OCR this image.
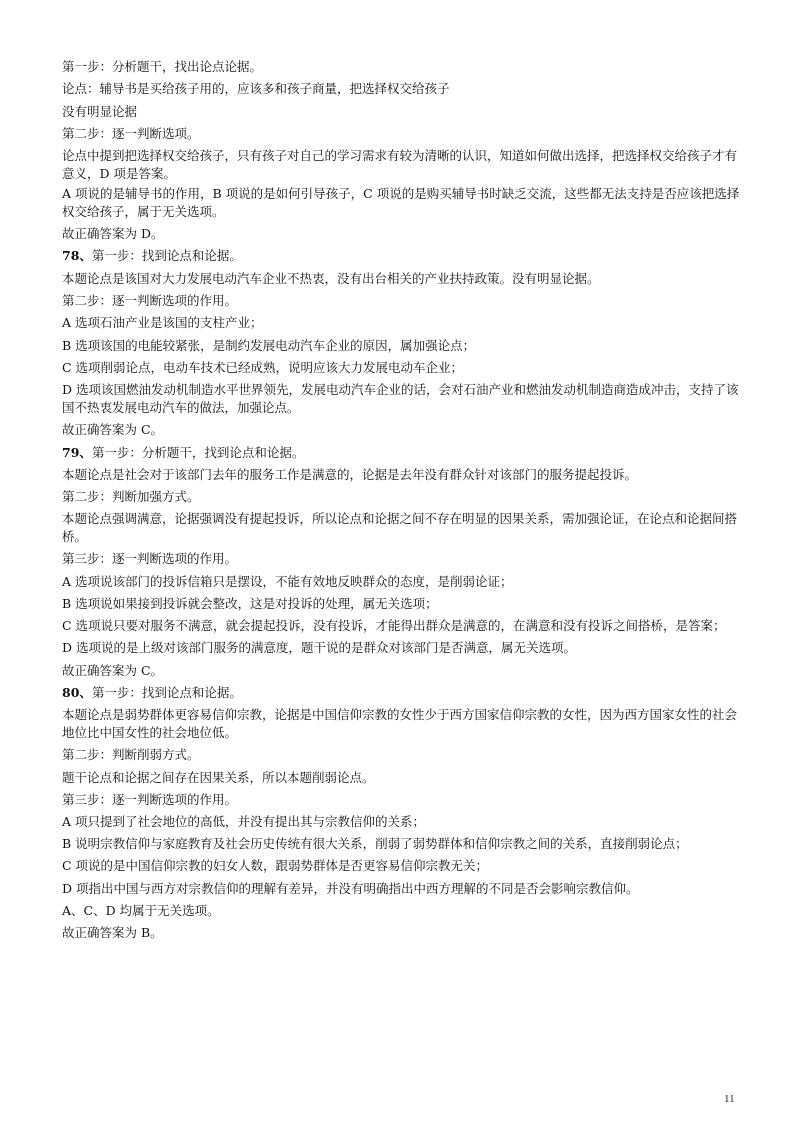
第一步：分析题干，找出论点论据。

论点：辅导书是买给孩子用的，应该多和孩子商量，把选择权交给孩子

没有明显论据

第二步：逐一判断选项。

论点中提到把选择权交给孩子，只有孩子对自己的学习需求有较为清晰的认识，知道如何做出选择，把选择权交给孩子才有意义，D 项是答案。

A 项说的是辅导书的作用，B 项说的是如何引导孩子，C 项说的是购买辅导书时缺乏交流，这些都无法支持是否应该把选择权交给孩子，属于无关选项。

故正确答案为 D。

78、第一步：找到论点和论据。

本题论点是该国对大力发展电动汽车企业不热衷，没有出台相关的产业扶持政策。没有明显论据。

第二步：逐一判断选项的作用。

A 选项石油产业是该国的支柱产业；

B 选项该国的电能较紧张，是制约发展电动汽车企业的原因，属加强论点；

C 选项削弱论点，电动车技术已经成熟，说明应该大力发展电动车企业；

D 选项该国燃油发动机制造水平世界领先，发展电动汽车企业的话，会对石油产业和燃油发动机制造商造成冲击，支持了该国不热衷发展电动汽车的做法，加强论点。

故正确答案为 C。

79、第一步：分析题干，找到论点和论据。

本题论点是社会对于该部门去年的服务工作是满意的，论据是去年没有群众针对该部门的服务提起投诉。

第二步：判断加强方式。

本题论点强调满意，论据强调没有提起投诉，所以论点和论据之间不存在明显的因果关系，需加强论证，在论点和论据间搭桥。

第三步：逐一判断选项的作用。

A 选项说该部门的投诉信箱只是摆设，不能有效地反映群众的态度，是削弱论证；

B 选项说如果接到投诉就会整改，这是对投诉的处理，属无关选项；

C 选项说只要对服务不满意，就会提起投诉，没有投诉，才能得出群众是满意的，在满意和没有投诉之间搭桥，是答案；

D 选项说的是上级对该部门服务的满意度，题干说的是群众对该部门是否满意，属无关选项。

故正确答案为 C。

80、第一步：找到论点和论据。

本题论点是弱势群体更容易信仰宗教，论据是中国信仰宗教的女性少于西方国家信仰宗教的女性，因为西方国家女性的社会地位比中国女性的社会地位低。

第二步：判断削弱方式。

题干论点和论据之间存在因果关系，所以本题削弱论点。

第三步：逐一判断选项的作用。

A 项只提到了社会地位的高低，并没有提出其与宗教信仰的关系；

B 说明宗教信仰与家庭教育及社会历史传统有很大关系，削弱了弱势群体和信仰宗教之间的关系，直接削弱论点；

C 项说的是中国信仰宗教的妇女人数，跟弱势群体是否更容易信仰宗教无关；

D 项指出中国与西方对宗教信仰的理解有差异，并没有明确指出中西方理解的不同是否会影响宗教信仰。

A、C、D 均属于无关选项。

故正确答案为 B。

11
